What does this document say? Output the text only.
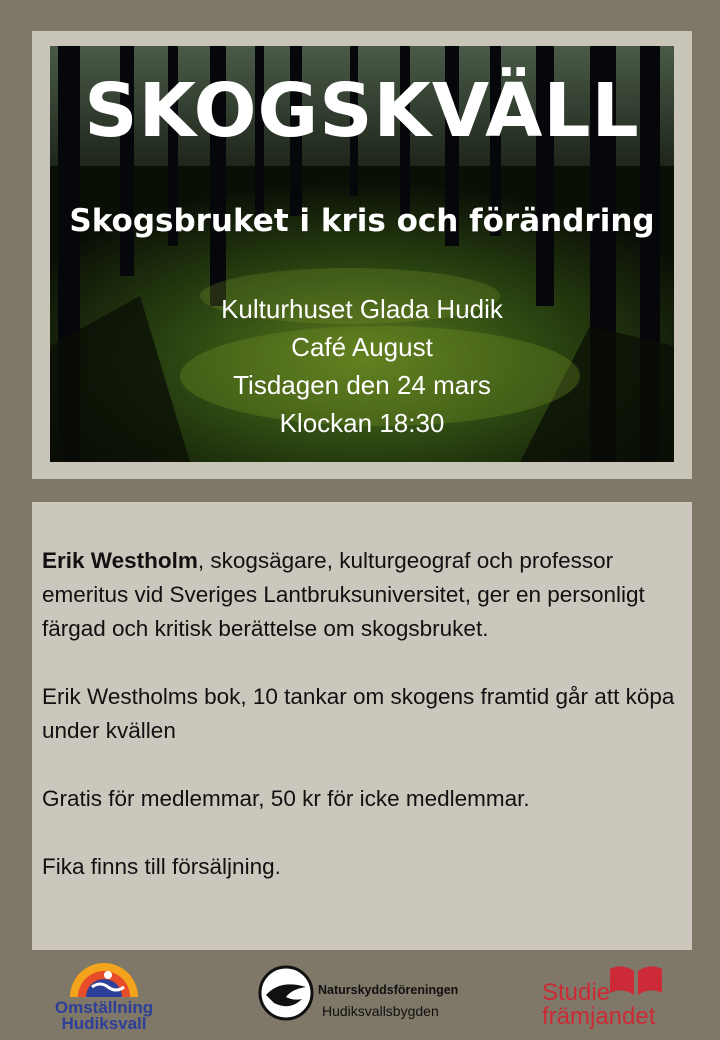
SKOGSKVÄLL
Skogsbruket i kris och förändring
Kulturhuset Glada Hudik
Café August
Tisdagen den 24 mars
Klockan 18:30

Erik Westholm, skogsägare, kulturgeograf och professor emeritus vid Sveriges Lantbruksuniversitet, ger en personligt färgad och kritisk berättelse om skogsbruket.

Erik Westholms bok, 10 tankar om skogens framtid går att köpa under kvällen

Gratis för medlemmar, 50 kr för icke medlemmar.

Fika finns till försäljning.

Omställning
Hudiksvall
Naturskyddsföreningen
Hudiksvallsbygden
Studie
främjandet
